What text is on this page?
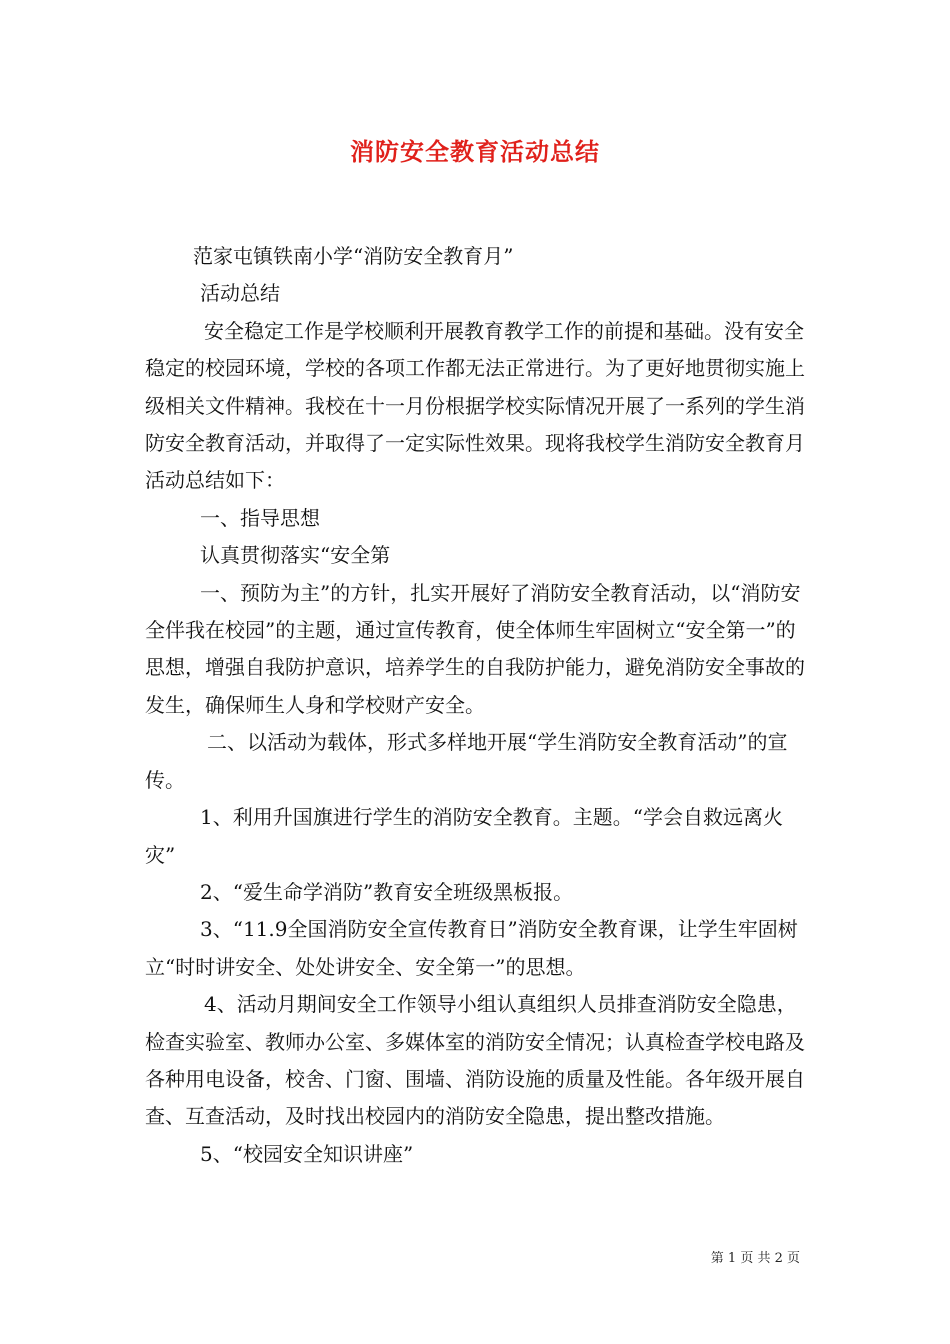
消防安全教育活动总结

范家屯镇铁南小学“消防安全教育月”

活动总结

安全稳定工作是学校顺利开展教育教学工作的前提和基础。没有安全稳定的校园环境，学校的各项工作都无法正常进行。为了更好地贯彻实施上级相关文件精神。我校在十一月份根据学校实际情况开展了一系列的学生消防安全教育活动，并取得了一定实际性效果。现将我校学生消防安全教育月活动总结如下：

一、指导思想

认真贯彻落实“安全第

一、预防为主”的方针，扎实开展好了消防安全教育活动，以“消防安全伴我在校园”的主题，通过宣传教育，使全体师生牢固树立“安全第一”的思想，增强自我防护意识，培养学生的自我防护能力，避免消防安全事故的发生，确保师生人身和学校财产安全。

二、以活动为载体，形式多样地开展“学生消防安全教育活动”的宣传。

1、利用升国旗进行学生的消防安全教育。主题。“学会自救远离火灾”

2、“爱生命学消防”教育安全班级黑板报。

3、“11.9全国消防安全宣传教育日”消防安全教育课，让学生牢固树立“时时讲安全、处处讲安全、安全第一”的思想。

4、活动月期间安全工作领导小组认真组织人员排查消防安全隐患，检查实验室、教师办公室、多媒体室的消防安全情况；认真检查学校电路及各种用电设备，校舍、门窗、围墙、消防设施的质量及性能。各年级开展自查、互查活动，及时找出校园内的消防安全隐患，提出整改措施。

5、“校园安全知识讲座”

第 1 页 共 2 页
